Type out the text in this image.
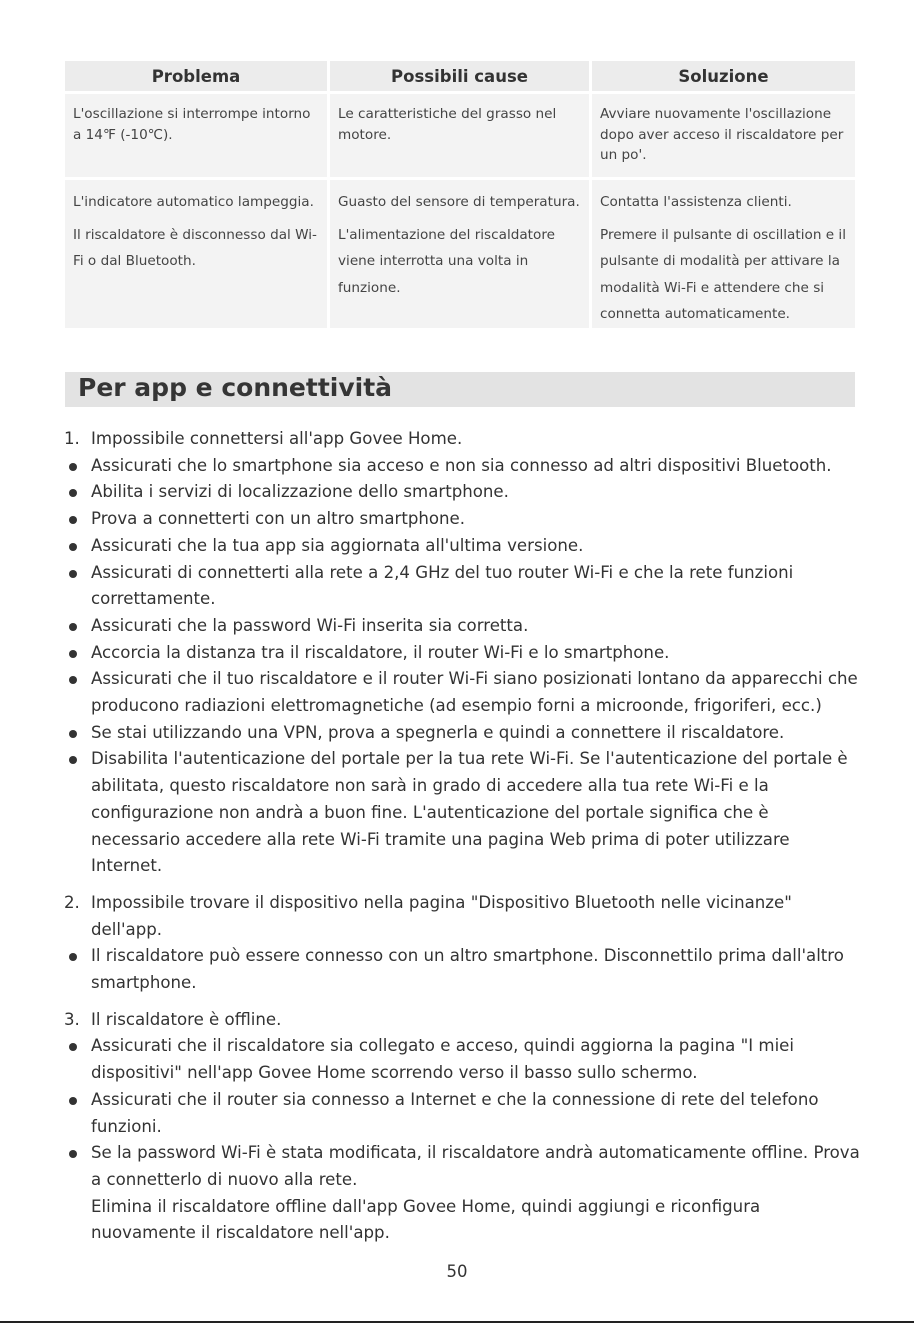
Problema	Possibili cause	Soluzione
L'oscillazione si interrompe intorno a 14℉ (-10℃).
Le caratteristiche del grasso nel motore.
Avviare nuovamente l'oscillazione dopo aver acceso il riscaldatore per un po'.
L'indicatore automatico lampeggia.
Il riscaldatore è disconnesso dal Wi-Fi o dal Bluetooth.
Guasto del sensore di temperatura.
L'alimentazione del riscaldatore viene interrotta una volta in funzione.
Contatta l'assistenza clienti.
Premere il pulsante di oscillation e il pulsante di modalità per attivare la modalità Wi-Fi e attendere che si connetta automaticamente.
Per app e connettività
1. Impossibile connettersi all'app Govee Home.
Assicurati che lo smartphone sia acceso e non sia connesso ad altri dispositivi Bluetooth.
Abilita i servizi di localizzazione dello smartphone.
Prova a connetterti con un altro smartphone.
Assicurati che la tua app sia aggiornata all'ultima versione.
Assicurati di connetterti alla rete a 2,4 GHz del tuo router Wi-Fi e che la rete funzioni correttamente.
Assicurati che la password Wi-Fi inserita sia corretta.
Accorcia la distanza tra il riscaldatore, il router Wi-Fi e lo smartphone.
Assicurati che il tuo riscaldatore e il router Wi-Fi siano posizionati lontano da apparecchi che producono radiazioni elettromagnetiche (ad esempio forni a microonde, frigoriferi, ecc.)
Se stai utilizzando una VPN, prova a spegnerla e quindi a connettere il riscaldatore.
Disabilita l'autenticazione del portale per la tua rete Wi-Fi. Se l'autenticazione del portale è abilitata, questo riscaldatore non sarà in grado di accedere alla tua rete Wi-Fi e la configurazione non andrà a buon fine. L'autenticazione del portale significa che è necessario accedere alla rete Wi-Fi tramite una pagina Web prima di poter utilizzare Internet.
2. Impossibile trovare il dispositivo nella pagina "Dispositivo Bluetooth nelle vicinanze" dell'app.
Il riscaldatore può essere connesso con un altro smartphone. Disconnettilo prima dall'altro smartphone.
3. Il riscaldatore è offline.
Assicurati che il riscaldatore sia collegato e acceso, quindi aggiorna la pagina "I miei dispositivi" nell'app Govee Home scorrendo verso il basso sullo schermo.
Assicurati che il router sia connesso a Internet e che la connessione di rete del telefono funzioni.
Se la password Wi-Fi è stata modificata, il riscaldatore andrà automaticamente offline. Prova a connetterlo di nuovo alla rete.
Elimina il riscaldatore offline dall'app Govee Home, quindi aggiungi e riconfigura nuovamente il riscaldatore nell'app.
50
